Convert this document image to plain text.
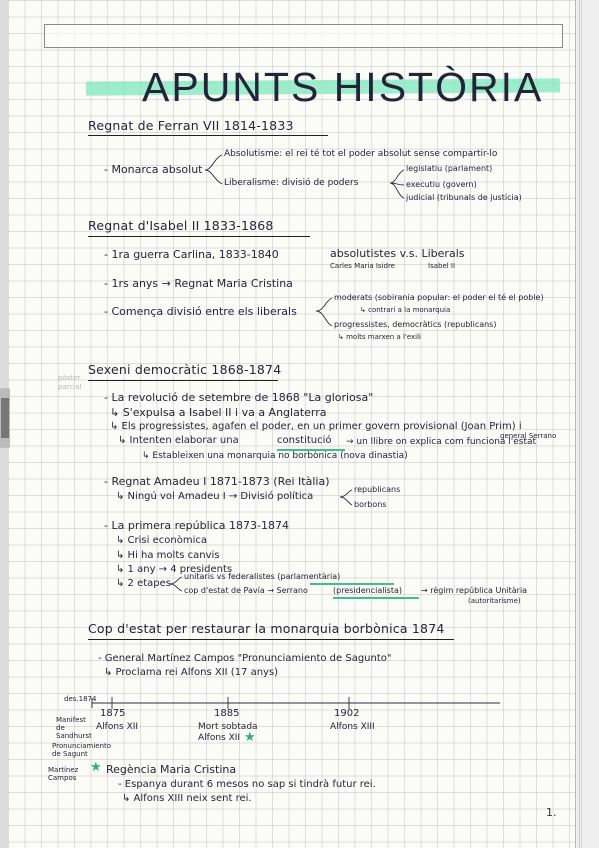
APUNTS HISTÒRIA
Regnat de Ferran VII 1814-1833
- Monarca absolut
Absolutisme: el rei té tot el poder absolut sense compartir-lo
Liberalisme: divisió de poders
legislatiu (parlament)
executiu (govern)
judicial (tribunals de justícia)
Regnat d'Isabel II 1833-1868
- 1ra guerra Carlina, 1833-1840	absolutistes v.s. Liberals
Carles Maria Isidre	Isabel II
- 1rs anys → Regnat Maria Cristina
- Comença divisió entre els liberals
moderats (sobirania popular: el poder el té el poble)
↳ contrari a la monarquia
progressistes, democràtics (republicans)
↳ molts marxen a l'exili
pòster
parcial
Sexeni democràtic 1868-1874
- La revolució de setembre de 1868 "La gloriosa"
↳ S'expulsa a Isabel II i va a Anglaterra
↳ Els progressistes, agafen el poder, en un primer govern provisional (Joan Prim) i
general Serrano
↳ Intenten elaborar una	constitució → un llibre on explica com funciona l'estat
↳ Estableixen una monarquia no borbònica (nova dinastia)
- Regnat Amadeu I 1871-1873 (Rei Itàlia)
↳ Ningú vol Amadeu I → Divisió política
republicans
borbons
- La primera república 1873-1874
↳ Crisi econòmica
↳ Hi ha molts canvis
↳ 1 any → 4 presidents
↳ 2 etapes
unitaris vs federalistes (parlamentària)
cop d'estat de Pavía → Serrano	(presidencialista) → règim república Unitària
(autoritarisme)
Cop d'estat per restaurar la monarquia borbònica 1874
- General Martínez Campos "Pronunciamiento de Sagunto"
↳ Proclama rei Alfons XII (17 anys)
des.1874
1875
Alfons XII
1885
Mort sobtada
Alfons XII ★
1902
Alfons XIII
Manifest
de
Sandhurst
Pronunciamiento
de Sagunt
Martínez
Campos
★ Regència Maria Cristina
- Espanya durant 6 mesos no sap si tindrà futur rei.
↳ Alfons XIII neix sent rei.
1.
